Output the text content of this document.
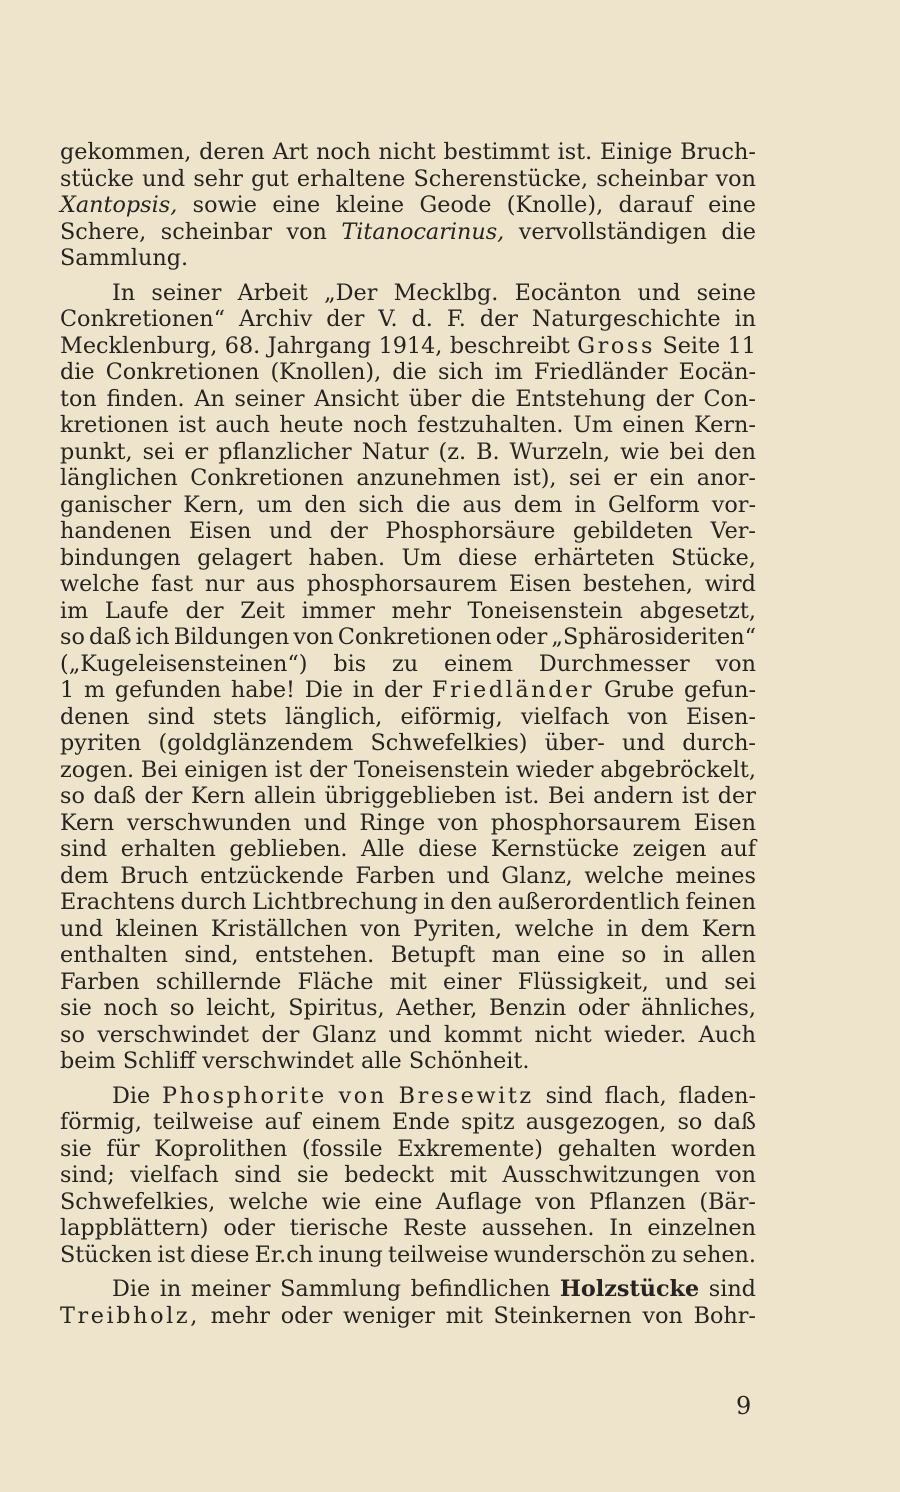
gekommen, deren Art noch nicht bestimmt ist. Einige Bruch-
stücke und sehr gut erhaltene Scherenstücke, scheinbar von
Xantopsis, sowie eine kleine Geode (Knolle), darauf eine
Schere, scheinbar von Titanocarinus, vervollständigen die
Sammlung.
In seiner Arbeit „Der Mecklbg. Eocänton und seine
Conkretionen“ Archiv der V. d. F. der Naturgeschichte in
Mecklenburg, 68. Jahrgang 1914, beschreibt Gross Seite 11
die Conkretionen (Knollen), die sich im Friedländer Eocän-
ton finden. An seiner Ansicht über die Entstehung der Con-
kretionen ist auch heute noch festzuhalten. Um einen Kern-
punkt, sei er pflanzlicher Natur (z. B. Wurzeln, wie bei den
länglichen Conkretionen anzunehmen ist), sei er ein anor-
ganischer Kern, um den sich die aus dem in Gelform vor-
handenen Eisen und der Phosphorsäure gebildeten Ver-
bindungen gelagert haben. Um diese erhärteten Stücke,
welche fast nur aus phosphorsaurem Eisen bestehen, wird
im Laufe der Zeit immer mehr Toneisenstein abgesetzt,
so daß ich Bildungen von Conkretionen oder „Sphärosideriten“
(„Kugeleisensteinen“) bis zu einem Durchmesser von
1 m gefunden habe! Die in der Friedländer Grube gefun-
denen sind stets länglich, eiförmig, vielfach von Eisen-
pyriten (goldglänzendem Schwefelkies) über- und durch-
zogen. Bei einigen ist der Toneisenstein wieder abgebröckelt,
so daß der Kern allein übriggeblieben ist. Bei andern ist der
Kern verschwunden und Ringe von phosphorsaurem Eisen
sind erhalten geblieben. Alle diese Kernstücke zeigen auf
dem Bruch entzückende Farben und Glanz, welche meines
Erachtens durch Lichtbrechung in den außerordentlich feinen
und kleinen Kriställchen von Pyriten, welche in dem Kern
enthalten sind, entstehen. Betupft man eine so in allen
Farben schillernde Fläche mit einer Flüssigkeit, und sei
sie noch so leicht, Spiritus, Aether, Benzin oder ähnliches,
so verschwindet der Glanz und kommt nicht wieder. Auch
beim Schliff verschwindet alle Schönheit.
Die Phosphorite von Bresewitz sind flach, fladen-
förmig, teilweise auf einem Ende spitz ausgezogen, so daß
sie für Koprolithen (fossile Exkremente) gehalten worden
sind; vielfach sind sie bedeckt mit Ausschwitzungen von
Schwefelkies, welche wie eine Auflage von Pflanzen (Bär-
lappblättern) oder tierische Reste aussehen. In einzelnen
Stücken ist diese Er.ch inung teilweise wunderschön zu sehen.
Die in meiner Sammlung befindlichen Holzstücke sind
Treibholz, mehr oder weniger mit Steinkernen von Bohr-
9
